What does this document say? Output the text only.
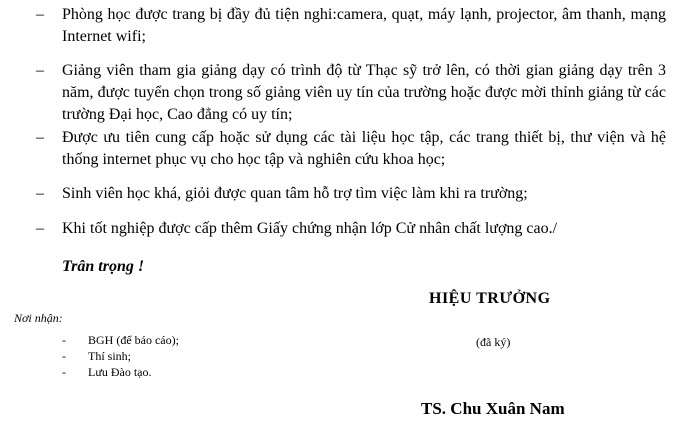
– Phòng học được trang bị đầy đủ tiện nghi:camera, quạt, máy lạnh, projector, âm thanh, mạng Internet wifi;
– Giảng viên tham gia giảng dạy có trình độ từ Thạc sỹ trở lên, có thời gian giảng dạy trên 3 năm, được tuyển chọn trong số giảng viên uy tín của trường hoặc được mời thỉnh giảng từ các trường Đại học, Cao đẳng có uy tín;
– Được ưu tiên cung cấp hoặc sử dụng các tài liệu học tập, các trang thiết bị, thư viện và hệ thống internet phục vụ cho học tập và nghiên cứu khoa học;
– Sinh viên học khá, giỏi được quan tâm hỗ trợ tìm việc làm khi ra trường;
– Khi tốt nghiệp được cấp thêm Giấy chứng nhận lớp Cử nhân chất lượng cao./
Trân trọng !
HIỆU TRƯỞNG
Nơi nhận:
- BGH (để báo cáo);
- Thí sinh;
- Lưu Đào tạo.
(đã ký)
TS. Chu Xuân Nam
